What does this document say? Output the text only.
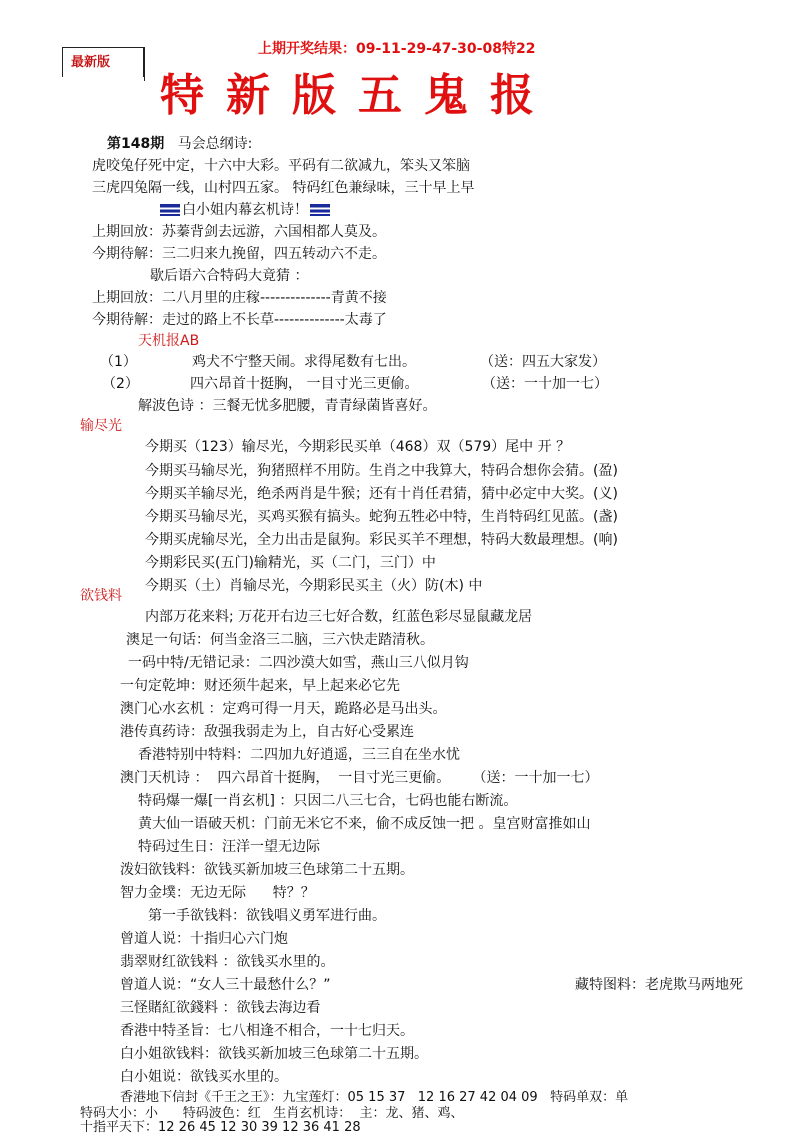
最新版
上期开奖结果：09-11-29-47-30-08特22
特新版五鬼报
第148期 马会总纲诗:
虎咬兔仔死中定，十六中大彩。平码有二欲减九，笨头又笨脑
三虎四兔隔一线，山村四五家。 特码红色兼绿味，三十早上早
白小姐内幕玄机诗！
上期回放：苏蓁背剑去远游，六国相都人莫及。
今期待解：三二归来九挽留，四五转动六不走。
歇后语六合特码大竟猜 ：
上期回放：二八月里的庄稼--------------青黄不接
今期待解：走过的路上不长草--------------太毒了
天机报AB
（1）	鸡犬不宁整天闹。求得尾数有七出。	（送：四五大家发）
（2）	四六昂首十挺胸， 一目寸光三更偷。	（送：一十加一七）
解波色诗 ：三餐无忧多肥腰，青青绿菌皆喜好。
输尽光
今期买（123）输尽光，今期彩民买单（468）双（579）尾中 开 ？
今期买马输尽光，狗猪照样不用防。生肖之中我算大，特码合想你会猜。(盈)
今期买羊输尽光，绝杀两肖是牛猴；还有十肖任君猜，猜中必定中大奖。(义)
今期买马输尽光，买鸡买猴有搞头。蛇狗五牲必中特，生肖特码红见蓝。(盏)
今期买虎输尽光，全力出击是鼠狗。彩民买羊不理想，特码大数最理想。(响)
今期彩民买(五门)输精光，买（二门，三门）中
今期买（土）肖输尽光，今期彩民买主（火）防(木) 中
欲钱料
内部万花来料; 万花开右边三七好合数，红蓝色彩尽显鼠藏龙居
澳足一句话：何当金洛三二脑，三六快走踏清秋。
一码中特/无错记录：二四沙漠大如雪，燕山三八似月钩
一句定乾坤：财还须牛起来，早上起来必它先
澳门心水玄机 ：定鸡可得一月天，跪路必是马出头。
港传真药诗：敌强我弱走为上，自古好心受累连
香港特别中特料：二四加九好逍遥，三三自在坐水忧
澳门天机诗 ：  四六昂首十挺胸，  一目寸光三更偷。     （送：一十加一七）
特码爆一爆[一肖玄机] ：只因二八三七合，七码也能右断流。
黄大仙一语破天机：门前无米它不来，偷不成反蚀一把 。皇宫财富推如山
特码过生日：汪洋一望无边际
泼妇欲钱料：欲钱买新加坡三色球第二十五期。
智力金墣：无边无际      特？？
第一手欲钱料：欲钱唱义勇军进行曲。
曾道人说：十指归心六门炮
翡翠财红欲钱料 ：欲钱买水里的。
曾道人说：“女人三十最愁什么？”	藏特图料：老虎欺马两地死
三怪賭紅欲錢料 ：欲钱去海边看
香港中特圣旨：七八相逢不相合，一十七归天。
白小姐欲钱料：欲钱买新加坡三色球第二十五期。
白小姐说：欲钱买水里的。
香港地下信封《千王之王》：九宝莲灯：05 15 37   12 16 27 42 04 09   特码单双：单
特码大小：小      特码波色：红   生肖玄机诗：  主：龙、猪、鸡、
十指平天下：12 26 45 12 30 39 12 36 41 28
